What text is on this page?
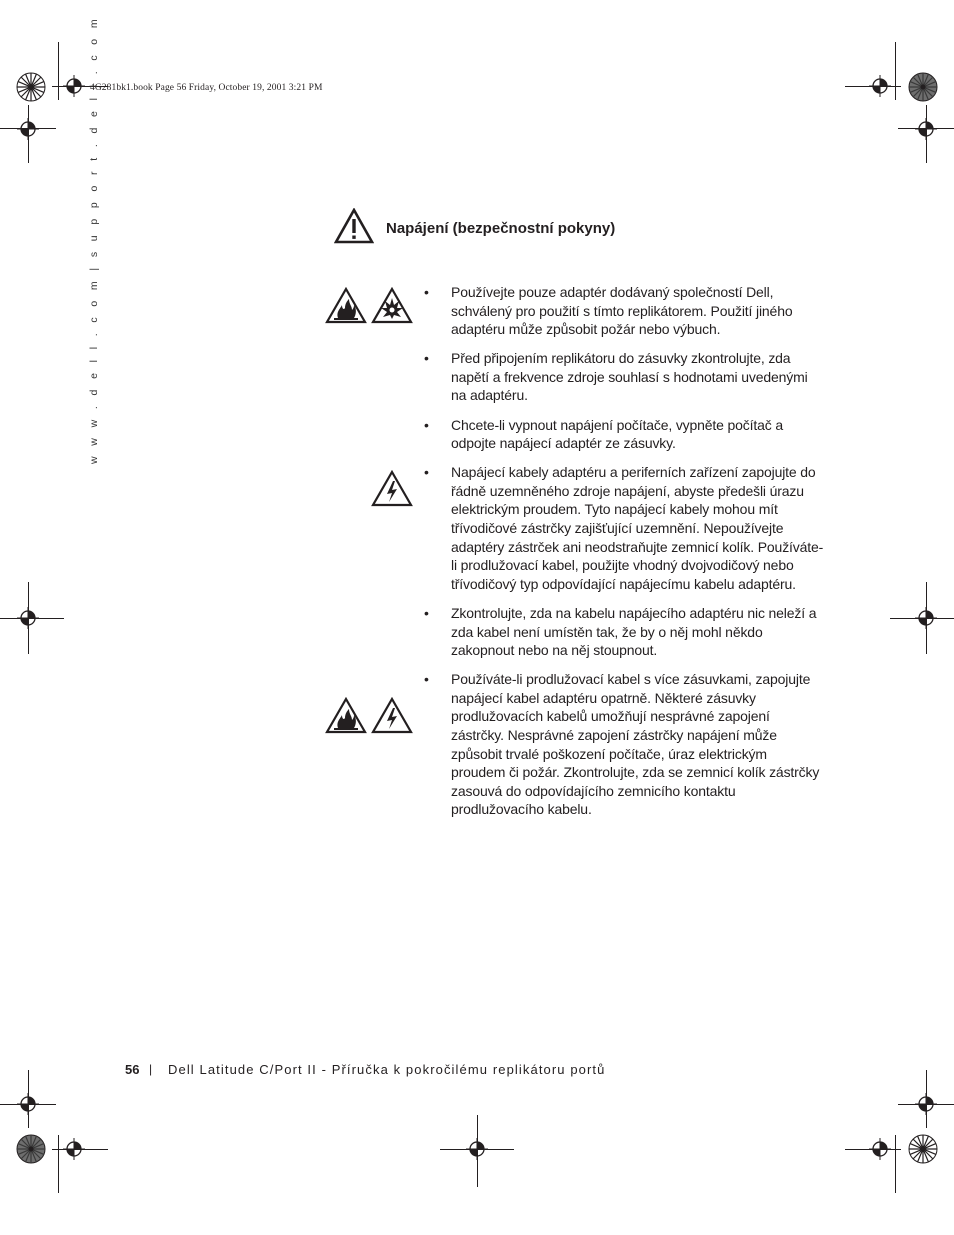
4G281bk1.book Page 56 Friday, October 19, 2001 3:21 PM
w w w . d e l l . c o m | s u p p o r t . d e l l . c o m	Napájení (bezpečnostní pokyny)
• Používejte pouze adaptér dodávaný společností Dell, schválený pro použití s tímto replikátorem. Použití jiného adaptéru může způsobit požár nebo výbuch.
• Před připojením replikátoru do zásuvky zkontrolujte, zda napětí a frekvence zdroje souhlasí s hodnotami uvedenými na adaptéru.
• Chcete-li vypnout napájení počítače, vypněte počítač a odpojte napájecí adaptér ze zásuvky.
• Napájecí kabely adaptéru a periferních zařízení zapojujte do řádně uzemněného zdroje napájení, abyste předešli úrazu elektrickým proudem. Tyto napájecí kabely mohou mít třívodičové zástrčky zajišťující uzemnění. Nepoužívejte adaptéry zástrček ani neodstraňujte zemnicí kolík. Používáte-li prodlužovací kabel, použijte vhodný dvojvodičový nebo třívodičový typ odpovídající napájecímu kabelu adaptéru.
• Zkontrolujte, zda na kabelu napájecího adaptéru nic neleží a zda kabel není umístěn tak, že by o něj mohl někdo zakopnout nebo na něj stoupnout.
• Používáte-li prodlužovací kabel s více zásuvkami, zapojujte napájecí kabel adaptéru opatrně. Některé zásuvky prodlužovacích kabelů umožňují nesprávné zapojení zástrčky. Nesprávné zapojení zástrčky napájení může způsobit trvalé poškození počítače, úraz elektrickým proudem či požár. Zkontrolujte, zda se zemnicí kolík zástrčky zasouvá do odpovídajícího zemnicího kontaktu prodlužovacího kabelu.
56 | Dell Latitude C/Port II - Příručka k pokročilému replikátoru portů
